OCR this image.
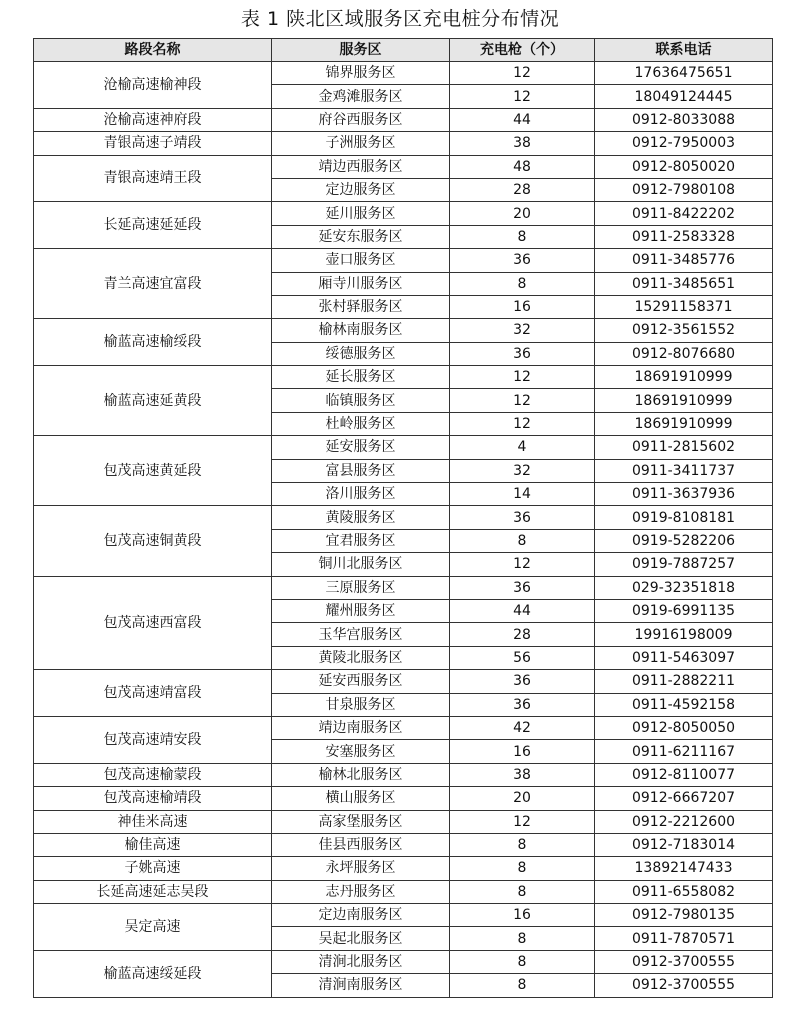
表 1 陕北区域服务区充电桩分布情况
路段名称	服务区	充电枪（个）	联系电话
沧榆高速榆神段	锦界服务区	12	17636475651
	金鸡滩服务区	12	18049124445
沧榆高速神府段	府谷西服务区	44	0912-8033088
青银高速子靖段	子洲服务区	38	0912-7950003
青银高速靖王段	靖边西服务区	48	0912-8050020
	定边服务区	28	0912-7980108
长延高速延延段	延川服务区	20	0911-8422202
	延安东服务区	8	0911-2583328
青兰高速宜富段	壶口服务区	36	0911-3485776
	厢寺川服务区	8	0911-3485651
	张村驿服务区	16	15291158371
榆蓝高速榆绥段	榆林南服务区	32	0912-3561552
	绥德服务区	36	0912-8076680
榆蓝高速延黄段	延长服务区	12	18691910999
	临镇服务区	12	18691910999
	杜岭服务区	12	18691910999
包茂高速黄延段	延安服务区	4	0911-2815602
	富县服务区	32	0911-3411737
	洛川服务区	14	0911-3637936
包茂高速铜黄段	黄陵服务区	36	0919-8108181
	宜君服务区	8	0919-5282206
	铜川北服务区	12	0919-7887257
包茂高速西富段	三原服务区	36	029-32351818
	耀州服务区	44	0919-6991135
	玉华宫服务区	28	19916198009
	黄陵北服务区	56	0911-5463097
包茂高速靖富段	延安西服务区	36	0911-2882211
	甘泉服务区	36	0911-4592158
包茂高速靖安段	靖边南服务区	42	0912-8050050
	安塞服务区	16	0911-6211167
包茂高速榆蒙段	榆林北服务区	38	0912-8110077
包茂高速榆靖段	横山服务区	20	0912-6667207
神佳米高速	高家堡服务区	12	0912-2212600
榆佳高速	佳县西服务区	8	0912-7183014
子姚高速	永坪服务区	8	13892147433
长延高速延志吴段	志丹服务区	8	0911-6558082
吴定高速	定边南服务区	16	0912-7980135
	吴起北服务区	8	0911-7870571
榆蓝高速绥延段	清涧北服务区	8	0912-3700555
	清涧南服务区	8	0912-3700555
